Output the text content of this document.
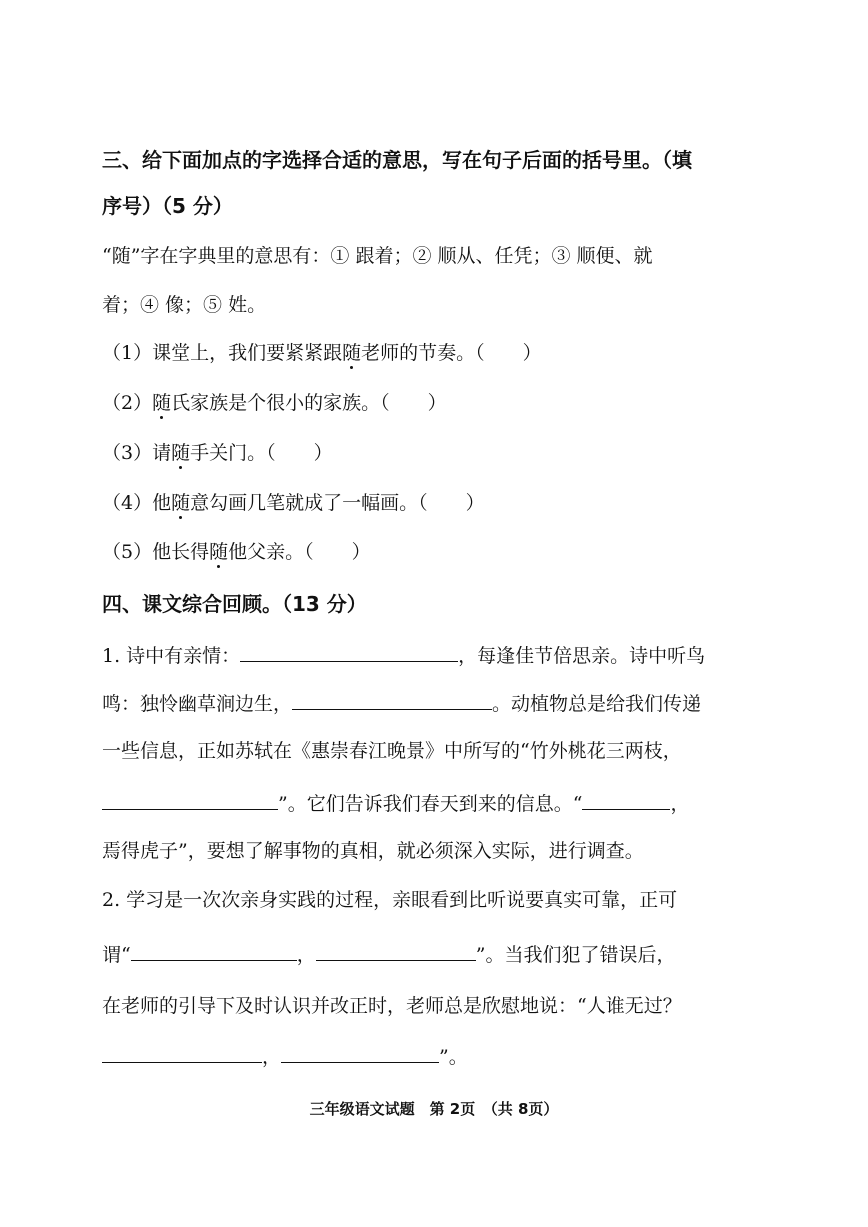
三、给下面加点的字选择合适的意思，写在句子后面的括号里。（填
序号）（5 分）
“随”字在字典里的意思有：① 跟着；② 顺从、任凭；③ 顺便、就
着；④ 像；⑤ 姓。
（1）课堂上，我们要紧紧跟随老师的节奏。（　　）
（2）随氏家族是个很小的家族。（　　）
（3）请随手关门。（　　）
（4）他随意勾画几笔就成了一幅画。（　　）
（5）他长得随他父亲。（　　）
四、课文综合回顾。（13 分）
1. 诗中有亲情：	，每逢佳节倍思亲。诗中听鸟
鸣：独怜幽草涧边生，	。动植物总是给我们传递
一些信息，正如苏轼在《惠崇春江晚景》中所写的“竹外桃花三两枝，
”。它们告诉我们春天到来的信息。“	，
焉得虎子”，要想了解事物的真相，就必须深入实际，进行调查。
2. 学习是一次次亲身实践的过程，亲眼看到比听说要真实可靠，正可
谓“	，	”。当我们犯了错误后，
在老师的引导下及时认识并改正时，老师总是欣慰地说：“人谁无过？
，	”。
三年级语文试题　第 2页　（共 8页）
